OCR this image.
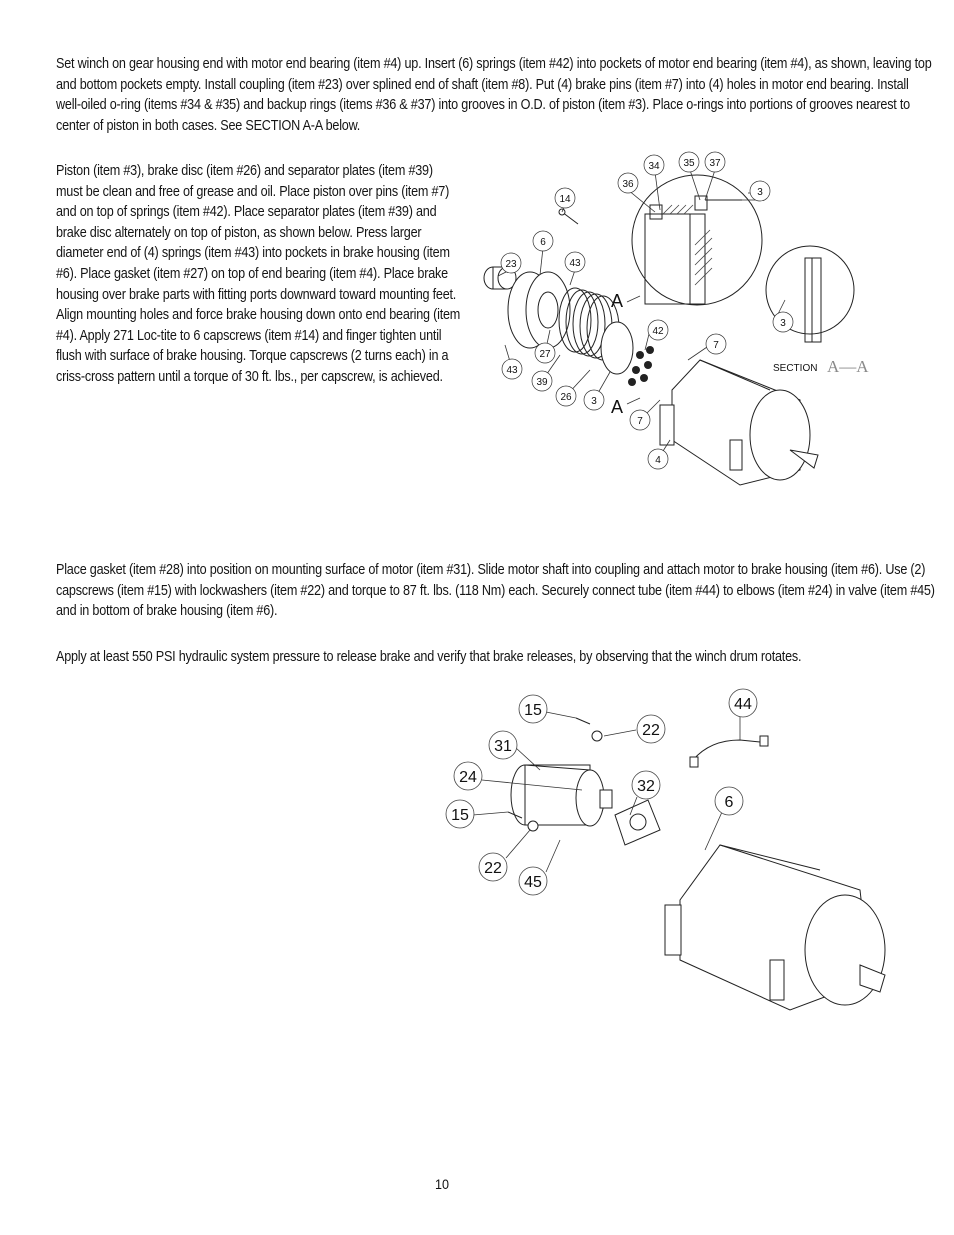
Set winch on gear housing end with motor end bearing (item #4) up. Insert (6) springs (item #42) into pockets of motor end bearing (item #4), as shown, leaving top and bottom pockets empty. Install coupling (item #23) over splined end of shaft (item #8). Put (4) brake pins (item #7) into (4) holes in motor end bearing. Install well-oiled o-ring (items #34 & #35) and backup rings (items #36 & #37) into grooves in O.D. of piston (item #3). Place o-rings into portions of grooves nearest to center of piston in both cases. See SECTION A-A below.
Piston (item #3), brake disc (item #26) and separator plates (item #39) must be clean and free of grease and oil. Place piston over pins (item #7) and on top of springs (item #42). Place separator plates (item #39) and brake disc alternately on top of piston, as shown below. Press larger diameter end of (4) springs (item #43) into pockets in brake housing (item #6). Place gasket (item #27) on top of end bearing (item #4). Place brake housing over brake parts with fitting ports downward toward mounting feet. Align mounting holes and force brake housing down onto end bearing (item #4). Apply 271 Loc-tite to 6 capscrews (item #14) and finger tighten until flush with surface of brake housing. Torque capscrews (2 turns each) in a criss-cross pattern until a torque of 30 ft. lbs., per capscrew, is achieved.
Place gasket (item #28) into position on mounting surface of motor (item #31). Slide motor shaft into coupling and attach motor to brake housing (item #6). Use (2) capscrews (item #15) with lockwashers (item #22) and torque to 87 ft. lbs. (118 Nm) each. Securely connect tube (item #44) to elbows (item #24) in valve (item #45) and in bottom of brake housing (item #6).
Apply at least 550 PSI hydraulic system pressure to release brake and verify that brake releases, by observing that the winch drum rotates.
34 35 37
36
3
14
6
23	43
42
7
3
27
43
39
26 3
7
4
A
A
SECTION A—A
15
22
44
31
24
32
6
15
22
45
10
